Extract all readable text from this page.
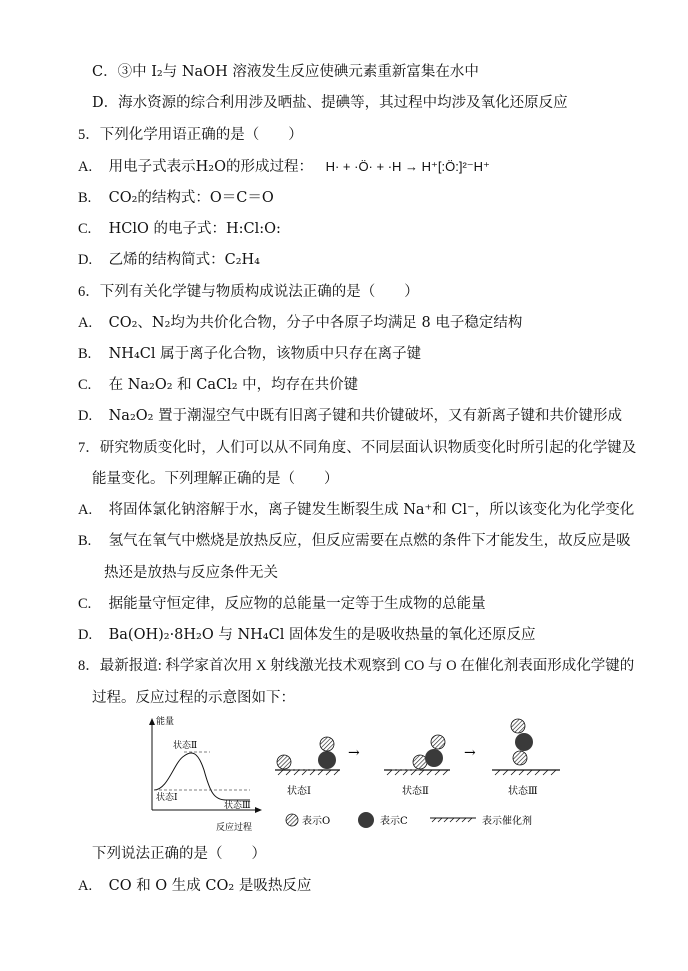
C．③中 I₂与 NaOH 溶液发生反应使碘元素重新富集在水中
D．海水资源的综合利用涉及晒盐、提碘等，其过程中均涉及氧化还原反应
5．下列化学用语正确的是（　　）
A. 用电子式表示H₂O的形成过程： H· + ·Ö· + ·H → H⁺[:Ö:]²⁻H⁺
B. CO₂的结构式：O＝C＝O
C. HClO 的电子式：H:Cl:O:
D. 乙烯的结构简式：C₂H₄
6．下列有关化学键与物质构成说法正确的是（　　）
A. CO₂、N₂均为共价化合物，分子中各原子均满足 8 电子稳定结构
B. NH₄Cl 属于离子化合物，该物质中只存在离子键
C. 在 Na₂O₂ 和 CaCl₂ 中，均存在共价键
D. Na₂O₂ 置于潮湿空气中既有旧离子键和共价键破坏，又有新离子键和共价键形成
7．研究物质变化时，人们可以从不同角度、不同层面认识物质变化时所引起的化学键及
能量变化。下列理解正确的是（　　）
A. 将固体氯化钠溶解于水，离子键发生断裂生成 Na⁺和 Cl⁻，所以该变化为化学变化
B. 氢气在氧气中燃烧是放热反应，但反应需要在点燃的条件下才能发生，故反应是吸
热还是放热与反应条件无关
C. 据能量守恒定律，反应物的总能量一定等于生成物的总能量
D. Ba(OH)₂·8H₂O 与 NH₄Cl 固体发生的是吸收热量的氧化还原反应
8．最新报道: 科学家首次用 X 射线激光技术观察到 CO 与 O 在催化剂表面形成化学键的
过程。反应过程的示意图如下：
能量
反应过程
状态Ⅱ
状态Ⅰ
状态Ⅲ
→	→
状态Ⅰ	状态Ⅱ	状态Ⅲ
表示O	表示C	表示催化剂
下列说法正确的是（　　）
A. CO 和 O 生成 CO₂ 是吸热反应
